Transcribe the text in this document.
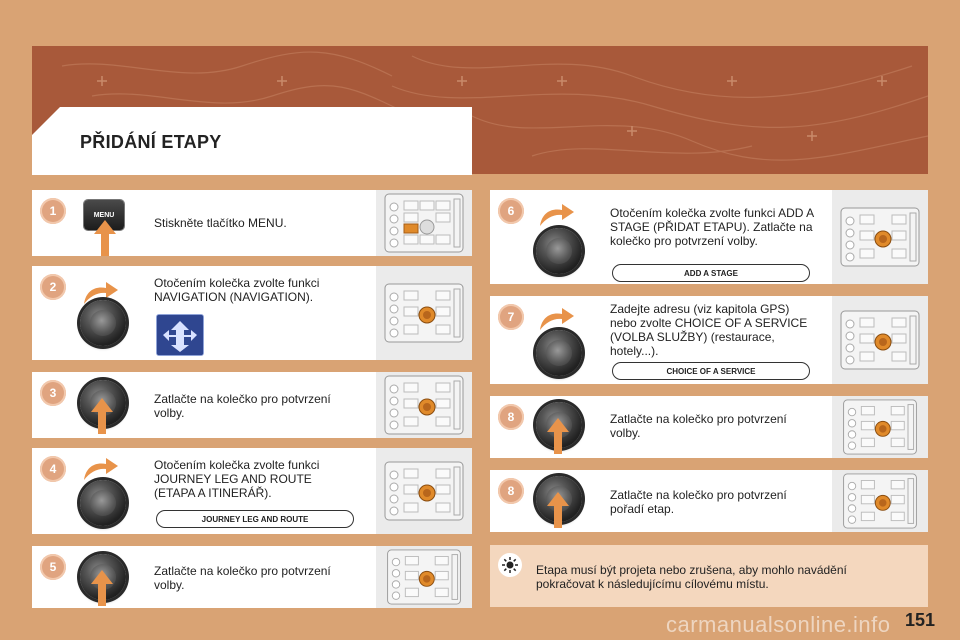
PŘIDÁNÍ ETAPY
1	MENU
Stiskněte tlačítko MENU.
2	Otočením kolečka zvolte funkci
NAVIGATION (NAVIGATION).
3	Zatlačte na kolečko pro potvrzení
volby.
4	Otočením kolečka zvolte funkci
JOURNEY LEG AND ROUTE
(ETAPA A ITINERÁŘ).
JOURNEY LEG AND ROUTE
5	Zatlačte na kolečko pro potvrzení
volby.
6	Otočením kolečka zvolte funkci ADD A
STAGE (PŘIDAT ETAPU). Zatlačte na
kolečko pro potvrzení volby.
ADD A STAGE
7
Zadejte adresu (viz kapitola GPS)
nebo zvolte CHOICE OF A SERVICE
(VOLBA SLUŽBY) (restaurace,
hotely...).
CHOICE OF A SERVICE
8	Zatlačte na kolečko pro potvrzení
volby.
8	Zatlačte na kolečko pro potvrzení
pořadí etap.
Etapa musí být projeta nebo zrušena, aby mohlo navádění
pokračovat k následujícímu cílovému místu.
carmanualsonline.info 151
